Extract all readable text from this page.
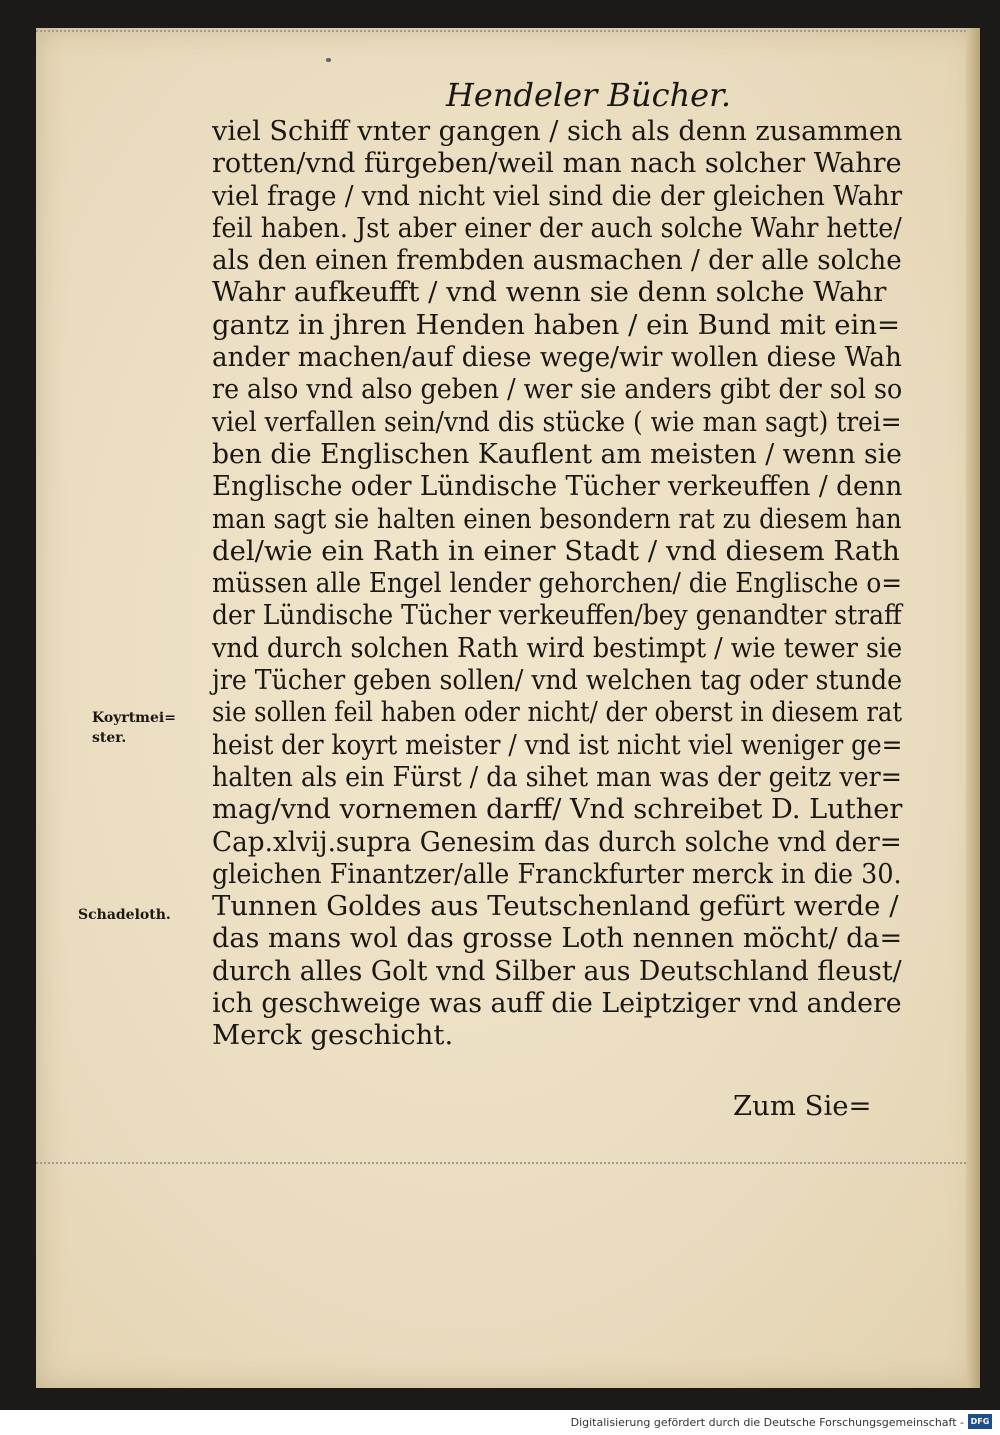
Hendeler Bücher.
viel Schiff vnter gangen / sich als denn zusammen
rotten/vnd fürgeben/weil man nach solcher Wahre
viel frage / vnd nicht viel sind die der gleichen Wahr
feil haben. Jst aber einer der auch solche Wahr hette/
als den einen frembden ausmachen / der alle solche
Wahr aufkeufft / vnd wenn sie denn solche Wahr
gantz in jhren Henden haben / ein Bund mit ein=
ander machen/auf diese wege/wir wollen diese Wah
re also vnd also geben / wer sie anders gibt der sol so
viel verfallen sein/vnd dis stücke ( wie man sagt) trei=
ben die Englischen Kauflent am meisten / wenn sie
Englische oder Lündische Tücher verkeuffen / denn
man sagt sie halten einen besondern rat zu diesem han
del/wie ein Rath in einer Stadt / vnd diesem Rath
müssen alle Engel lender gehorchen/ die Englische o=
der Lündische Tücher verkeuffen/bey genandter straff
vnd durch solchen Rath wird bestimpt / wie tewer sie
jre Tücher geben sollen/ vnd welchen tag oder stunde
sie sollen feil haben oder nicht/ der oberst in diesem rat
heist der koyrt meister / vnd ist nicht viel weniger ge=
halten als ein Fürst / da sihet man was der geitz ver=
mag/vnd vornemen darff/ Vnd schreibet D. Luther
Cap.xlvij.supra Genesim das durch solche vnd der=
gleichen Finantzer/alle Franckfurter merck in die 30.
Tunnen Goldes aus Teutschenland gefürt werde /
das mans wol das grosse Loth nennen möcht/ da=
durch alles Golt vnd Silber aus Deutschland fleust/
ich geschweige was auff die Leiptziger vnd andere
Merck geschicht.
Koyrtmei=
ster.
Schadeloth.
Zum Sie=
Digitalisierung gefördert durch die Deutsche Forschungsgemeinschaft - DFG
